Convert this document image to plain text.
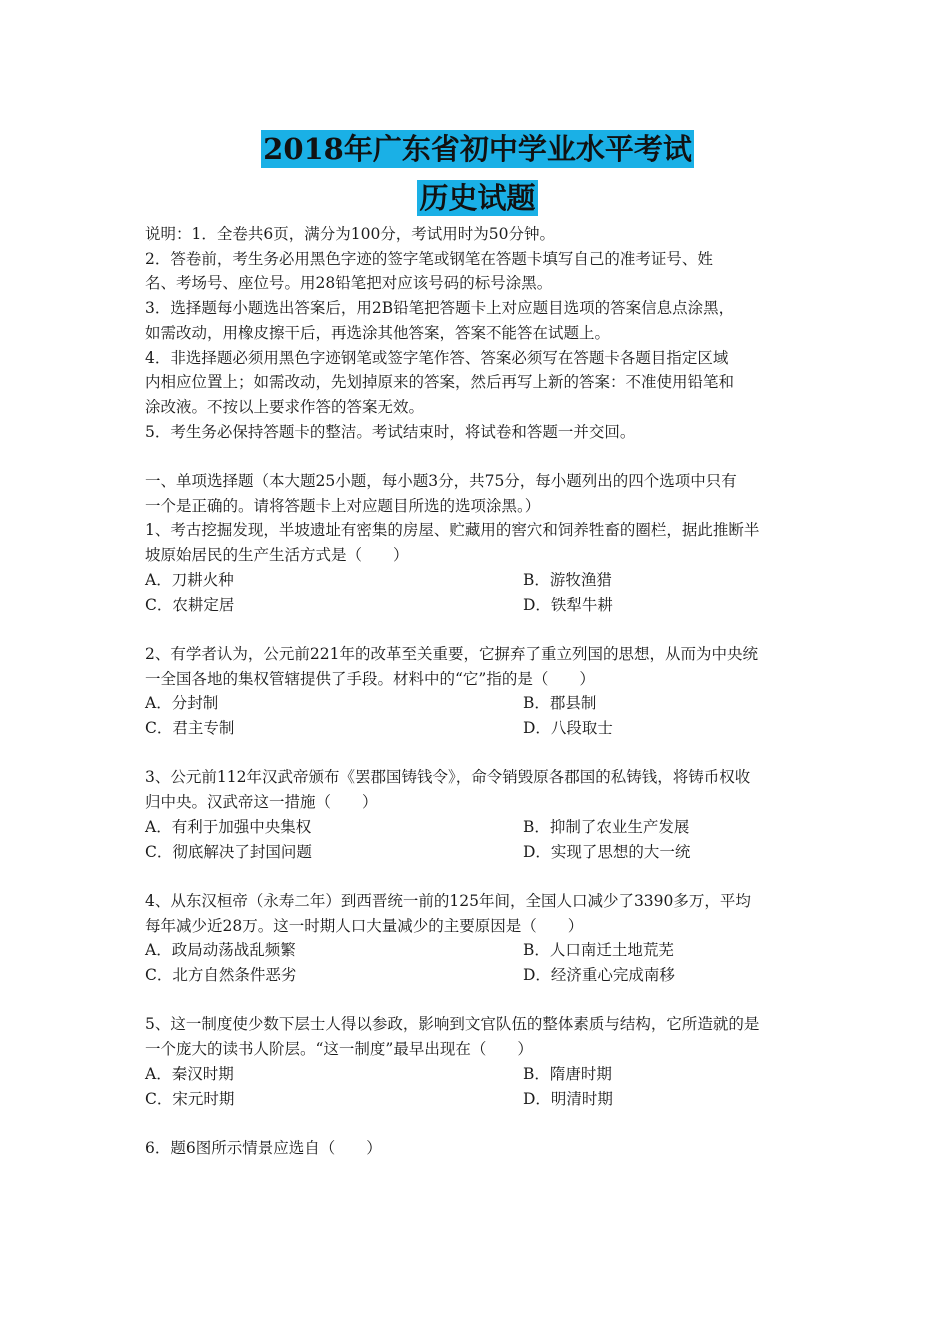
2018年广东省初中学业水平考试
历史试题
说明：1．全卷共6页，满分为100分，考试用时为50分钟。
2．答卷前，考生务必用黑色字迹的签字笔或钢笔在答题卡填写自己的准考证号、姓
名、考场号、座位号。用28铅笔把对应该号码的标号涂黑。
3．选择题每小题选出答案后，用2B铅笔把答题卡上对应题目选项的答案信息点涂黑，
如需改动，用橡皮擦干后，再选涂其他答案，答案不能答在试题上。
4．非选择题必须用黑色字迹钢笔或签字笔作答、答案必须写在答题卡各题目指定区域
内相应位置上；如需改动，先划掉原来的答案，然后再写上新的答案：不准使用铅笔和
涂改液。不按以上要求作答的答案无效。
5．考生务必保持答题卡的整洁。考试结束时，将试卷和答题一并交回。
一、单项选择题（本大题25小题，每小题3分，共75分，每小题列出的四个选项中只有
一个是正确的。请将答题卡上对应题目所选的选项涂黑。）
1、考古挖掘发现，半坡遗址有密集的房屋、贮藏用的窖穴和饲养牲畜的圈栏，据此推断半
坡原始居民的生产生活方式是（　　）
A．刀耕火种	B．游牧渔猎
C．农耕定居	D．铁犁牛耕
2、有学者认为，公元前221年的改革至关重要，它摒弃了重立列国的思想，从而为中央统
一全国各地的集权管辖提供了手段。材料中的“它”指的是（　　）
A．分封制	B．郡县制
C．君主专制	D．八段取士
3、公元前112年汉武帝颁布《罢郡国铸钱令》，命令销毁原各郡国的私铸钱，将铸币权收
归中央。汉武帝这一措施（　　）
A．有利于加强中央集权	B．抑制了农业生产发展
C．彻底解决了封国问题	D．实现了思想的大一统
4、从东汉桓帝（永寿二年）到西晋统一前的125年间，全国人口减少了3390多万，平均
每年减少近28万。这一时期人口大量减少的主要原因是（　　）
A．政局动荡战乱频繁	B．人口南迁土地荒芜
C．北方自然条件恶劣	D．经济重心完成南移
5、这一制度使少数下层士人得以参政，影响到文官队伍的整体素质与结构，它所造就的是
一个庞大的读书人阶层。“这一制度”最早出现在（　　）
A．秦汉时期	B．隋唐时期
C．宋元时期	D．明清时期
6．题6图所示情景应选自（　　）
